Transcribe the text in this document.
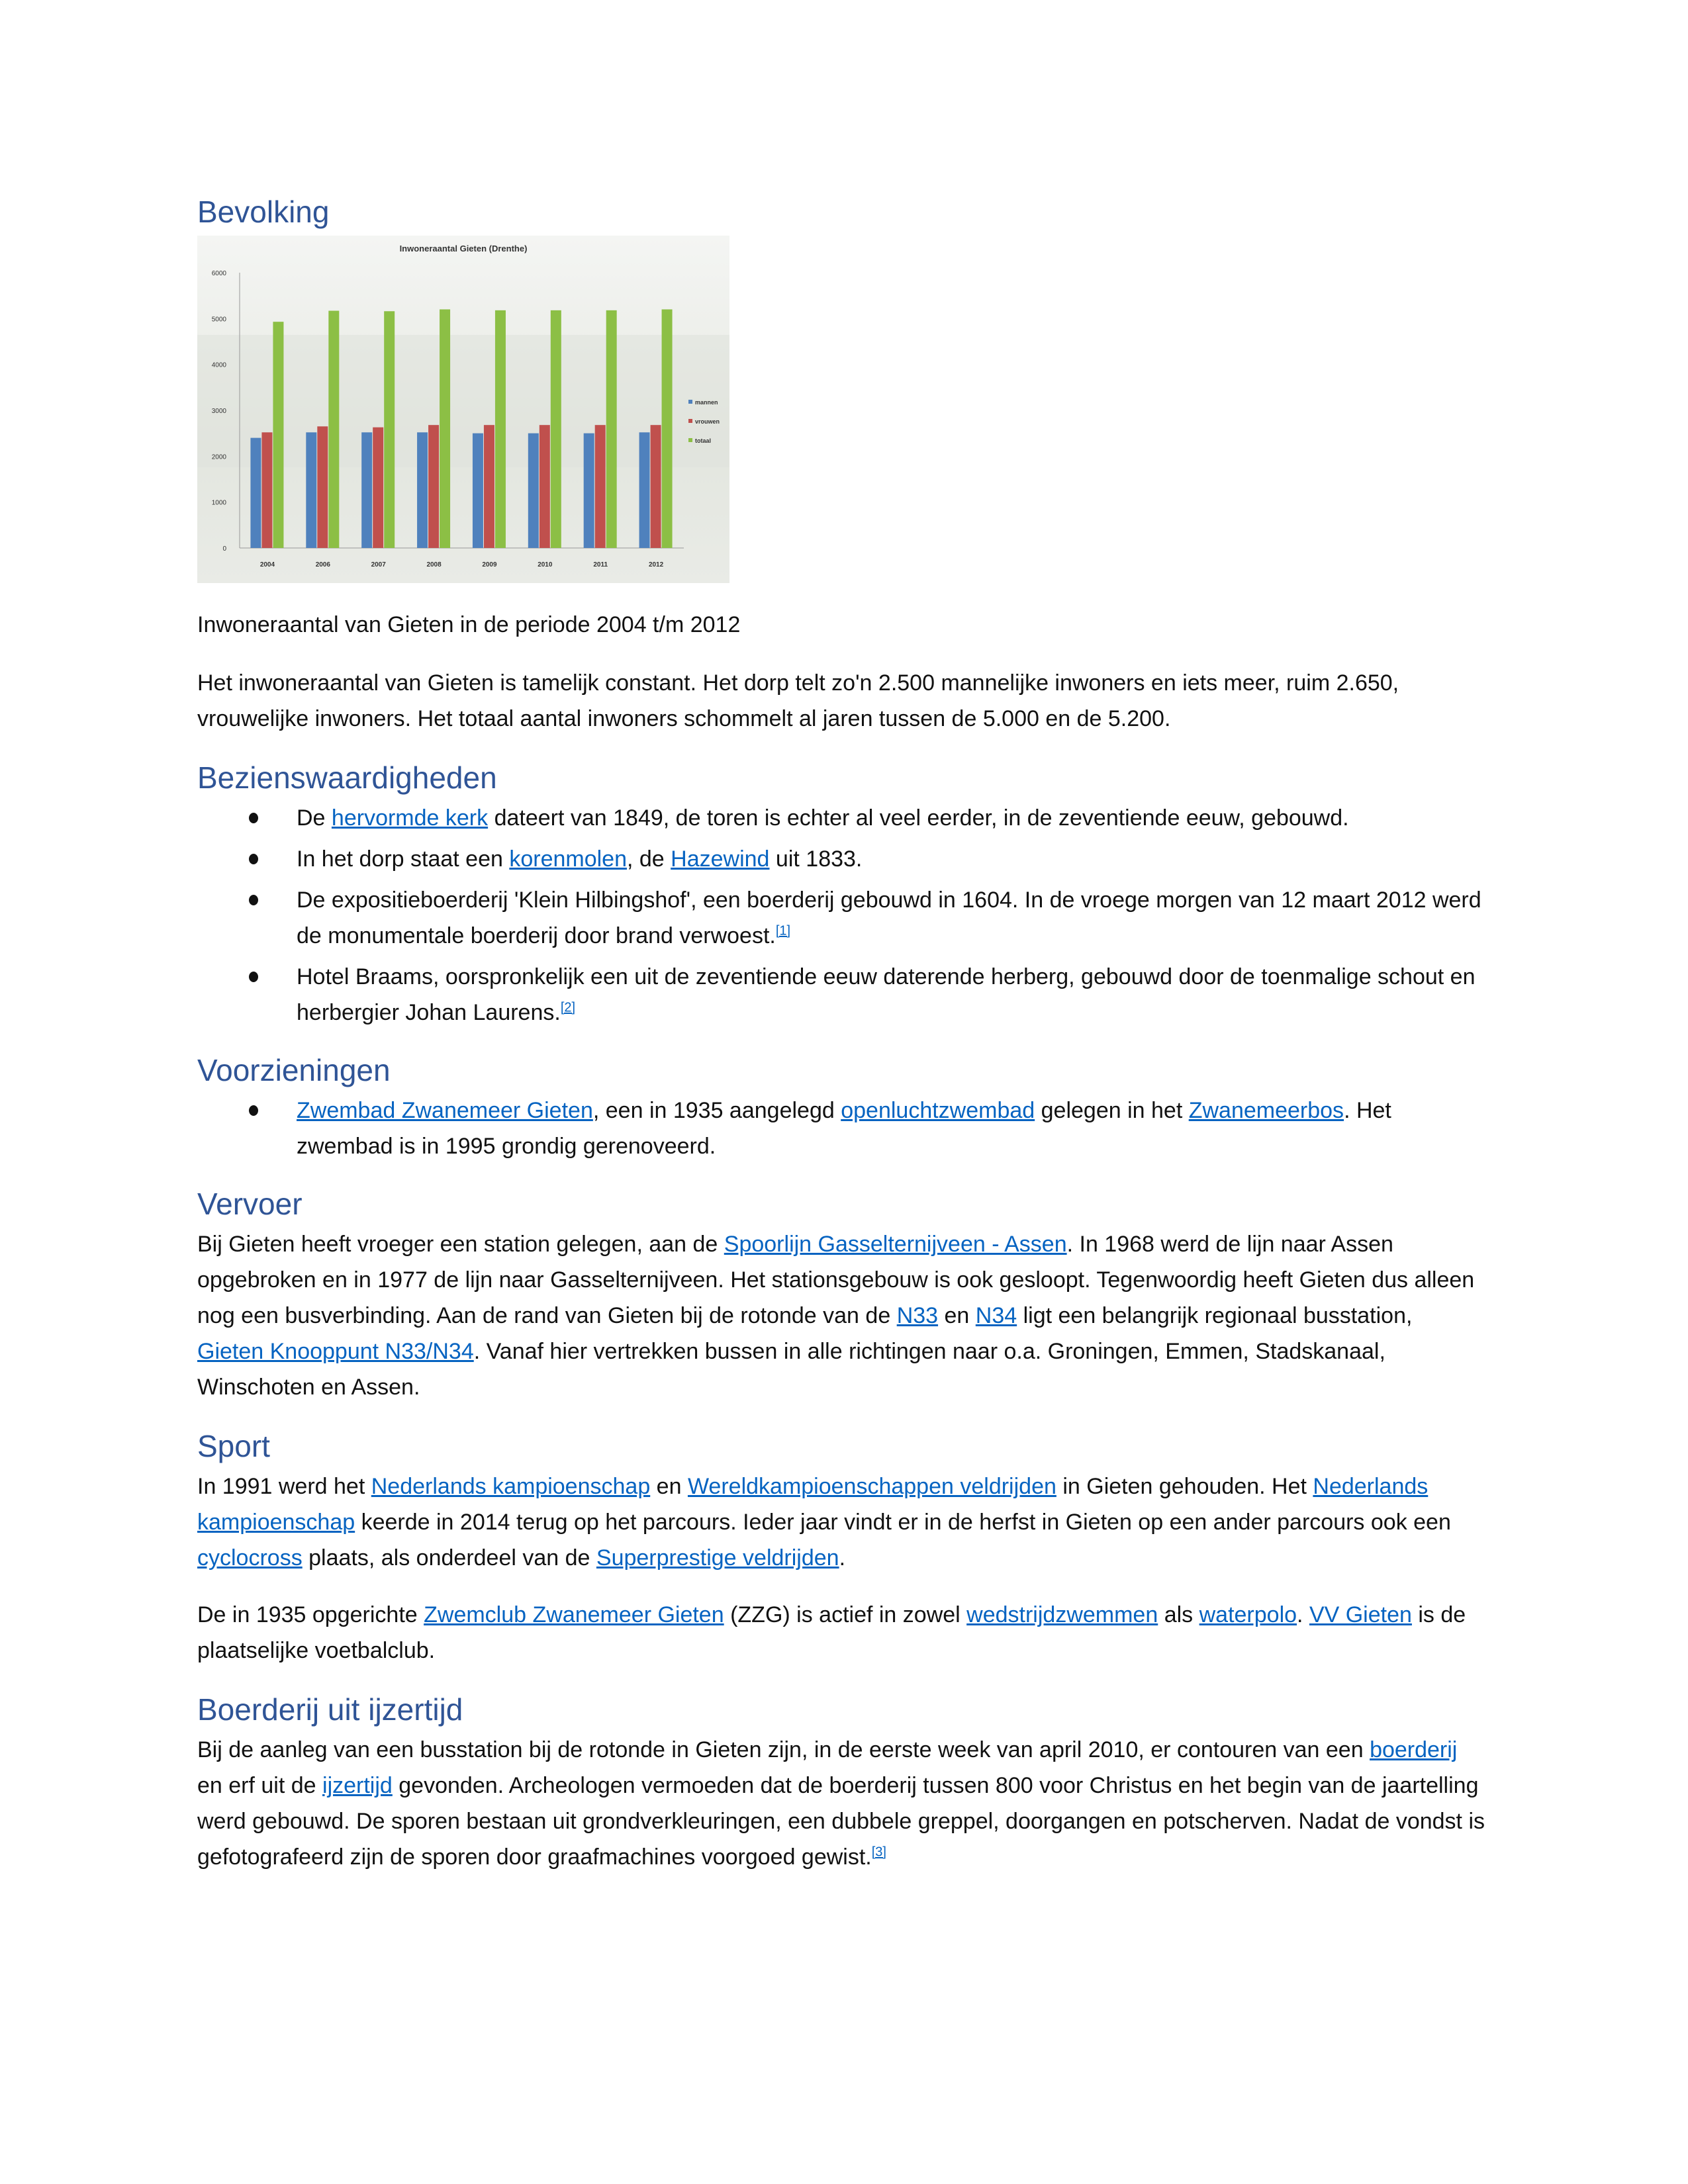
Bevolking
Inwoneraantal Gieten (Drenthe)
0
1000
2000
3000
4000
5000
6000
2004	2006	2007	2008	2009	2010	2011	2012
mannen
vrouwen
totaal

Inwoneraantal van Gieten in de periode 2004 t/m 2012

Het inwoneraantal van Gieten is tamelijk constant. Het dorp telt zo'n 2.500 mannelijke inwoners en iets meer, ruim 2.650, vrouwelijke inwoners. Het totaal aantal inwoners schommelt al jaren tussen de 5.000 en de 5.200.

Bezienswaardigheden
De hervormde kerk dateert van 1849, de toren is echter al veel eerder, in de zeventiende eeuw, gebouwd.
In het dorp staat een korenmolen, de Hazewind uit 1833.
De expositieboerderij 'Klein Hilbingshof', een boerderij gebouwd in 1604. In de vroege morgen van 12 maart 2012 werd de monumentale boerderij door brand verwoest.[1]
Hotel Braams, oorspronkelijk een uit de zeventiende eeuw daterende herberg, gebouwd door de toenmalige schout en herbergier Johan Laurens.[2]
Voorzieningen
Zwembad Zwanemeer Gieten, een in 1935 aangelegd openluchtzwembad gelegen in het Zwanemeerbos. Het zwembad is in 1995 grondig gerenoveerd.
Vervoer

Bij Gieten heeft vroeger een station gelegen, aan de Spoorlijn Gasselternijveen - Assen. In 1968 werd de lijn naar Assen opgebroken en in 1977 de lijn naar Gasselternijveen. Het stationsgebouw is ook gesloopt. Tegenwoordig heeft Gieten dus alleen nog een busverbinding. Aan de rand van Gieten bij de rotonde van de N33 en N34 ligt een belangrijk regionaal busstation, Gieten Knooppunt N33/N34. Vanaf hier vertrekken bussen in alle richtingen naar o.a. Groningen, Emmen, Stadskanaal, Winschoten en Assen.

Sport

In 1991 werd het Nederlands kampioenschap en Wereldkampioenschappen veldrijden in Gieten gehouden. Het Nederlands kampioenschap keerde in 2014 terug op het parcours. Ieder jaar vindt er in de herfst in Gieten op een ander parcours ook een cyclocross plaats, als onderdeel van de Superprestige veldrijden.

De in 1935 opgerichte Zwemclub Zwanemeer Gieten (ZZG) is actief in zowel wedstrijdzwemmen als waterpolo. VV Gieten is de plaatselijke voetbalclub.

Boerderij uit ijzertijd

Bij de aanleg van een busstation bij de rotonde in Gieten zijn, in de eerste week van april 2010, er contouren van een boerderij en erf uit de ijzertijd gevonden. Archeologen vermoeden dat de boerderij tussen 800 voor Christus en het begin van de jaartelling werd gebouwd. De sporen bestaan uit grondverkleuringen, een dubbele greppel, doorgangen en potscherven. Nadat de vondst is gefotografeerd zijn de sporen door graafmachines voorgoed gewist.[3]
